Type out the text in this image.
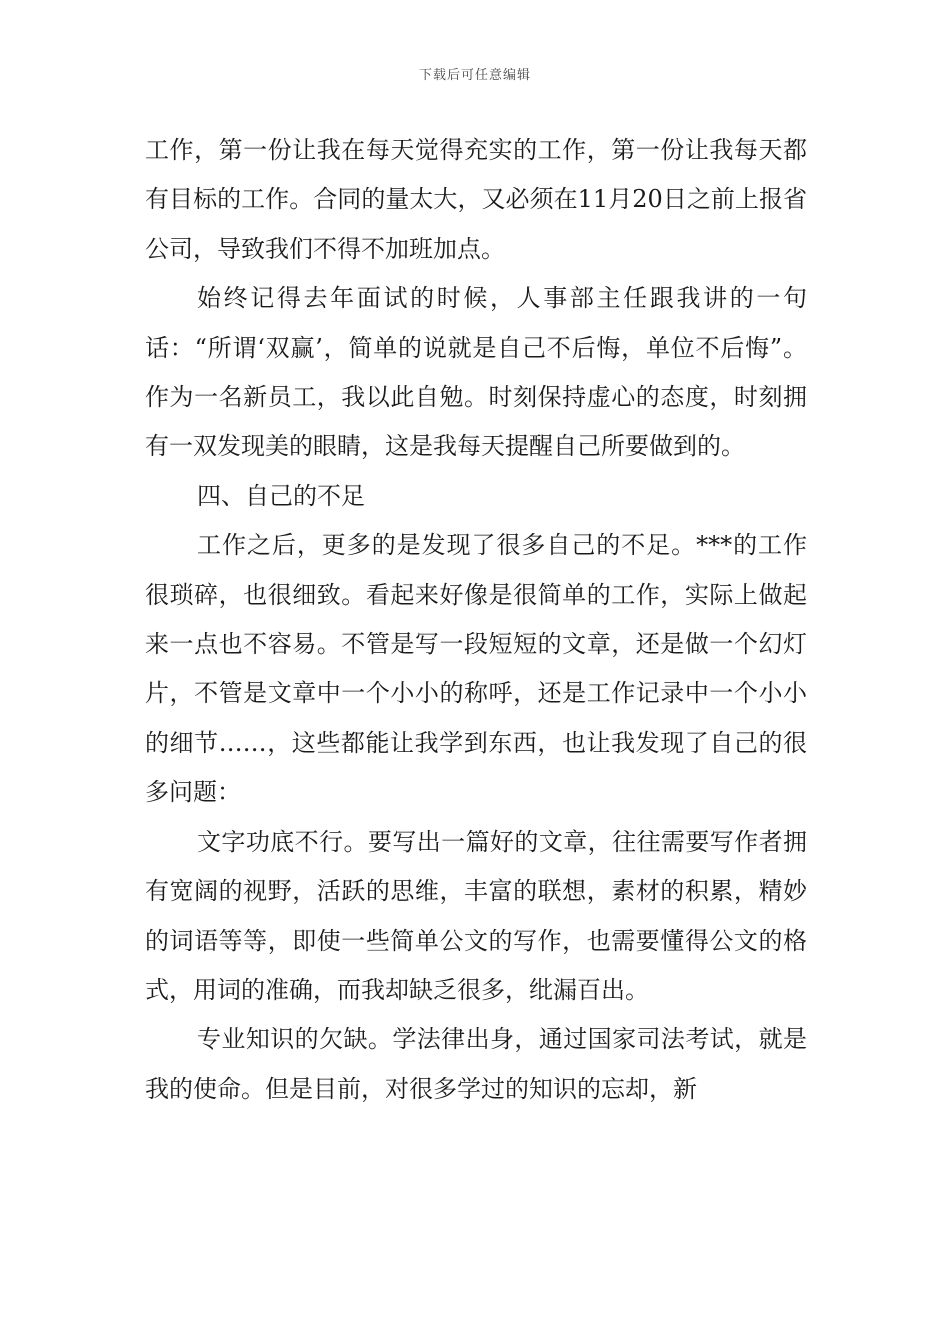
下载后可任意编辑

工作，第一份让我在每天觉得充实的工作，第一份让我每天都有目标的工作。合同的量太大，又必须在11月20日之前上报省公司，导致我们不得不加班加点。

始终记得去年面试的时候，人事部主任跟我讲的一句话：“所谓‘双赢’，简单的说就是自己不后悔，单位不后悔”。作为一名新员工，我以此自勉。时刻保持虚心的态度，时刻拥有一双发现美的眼睛，这是我每天提醒自己所要做到的。

四、自己的不足

工作之后，更多的是发现了很多自己的不足。***的工作很琐碎，也很细致。看起来好像是很简单的工作，实际上做起来一点也不容易。不管是写一段短短的文章，还是做一个幻灯片，不管是文章中一个小小的称呼，还是工作记录中一个小小的细节……，这些都能让我学到东西，也让我发现了自己的很多问题：

文字功底不行。要写出一篇好的文章，往往需要写作者拥有宽阔的视野，活跃的思维，丰富的联想，素材的积累，精妙的词语等等，即使一些简单公文的写作，也需要懂得公文的格式，用词的准确，而我却缺乏很多，纰漏百出。

专业知识的欠缺。学法律出身，通过国家司法考试，就是我的使命。但是目前，对很多学过的知识的忘却，新
